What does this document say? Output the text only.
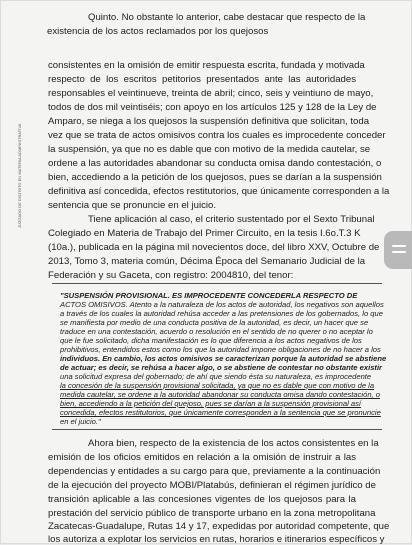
Quinto. No obstante lo anterior, cabe destacar que respecto de la
existencia de los actos reclamados por los quejosos
consistentes en la omisión de emitir respuesta escrita, fundada y motivada
respecto de los escritos petitorios presentados ante las autoridades
responsables el veintinueve, treinta de abril; cinco, seis y veintiuno de mayo,
todos de dos mil veintiséis; con apoyo en los artículos 125 y 128 de la Ley de
Amparo, se niega a los quejosos la suspensión definitiva que solicitan, toda
vez que se trata de actos omisivos contra los cuales es improcedente conceder
la suspensión, ya que no es dable que con motivo de la medida cautelar, se
ordene a las autoridades abandonar su conducta omisa dando contestación, o
bien, accediendo a la petición de los quejosos, pues se darían a la suspensión
definitiva así concedida, efectos restitutorios, que únicamente corresponden a la
sentencia que se pronuncie en el juicio.
Tiene aplicación al caso, el criterio sustentado por el Sexto Tribunal
Colegiado en Materia de Trabajo del Primer Circuito, en la tesis I.6o.T.3 K
(10a.), publicada en la página mil novecientos doce, del libro XXV, Octubre de
2013, Tomo 3, materia común, Décima Época del Semanario Judicial de la
Federación y su Gaceta, con registro: 2004810, del tenor:
"SUSPENSIÓN PROVISIONAL. ES IMPROCEDENTE CONCEDERLA RESPECTO DE
ACTOS OMISIVOS. Atento a la naturaleza de los actos de autoridad, los negativos son aquellos
a través de los cuales la autoridad rehúsa acceder a las pretensiones de los gobernados, lo que
se manifiesta por medio de una conducta positiva de la autoridad, es decir, un hacer que se
traduce en una contestación, acuerdo o resolución en el sentido de no querer o no aceptar lo
que le fue solicitado, dicha manifestación es lo que diferencia a los actos negativos de los
prohibitivos, entendidos estos como los que la autoridad impone obligaciones de no hacer a los
individuos. En cambio, los actos omisivos se caracterizan porque la autoridad se abstiene
de actuar; es decir, se rehúsa a hacer algo, o se abstiene de contestar no obstante existir
una solicitud expresa del gobernado; de ahí que siendo ésta su naturaleza, es improcedente
la concesión de la suspensión provisional solicitada, ya que no es dable que con motivo de la
medida cautelar, se ordene a la autoridad abandonar su conducta omisa dando contestación, o
bien, accediendo a la petición del quejoso, pues se darían a la suspensión provisional así
concedida, efectos restitutorios, que únicamente corresponden a la sentencia que se pronuncie
en el juicio."
Ahora bien, respecto de la existencia de los actos consistentes en la
emisión de los oficios emitidos en relación a la omisión de instruir a las
dependencias y entidades a su cargo para que, previamente a la continuación
de la ejecución del proyecto MOBI/Platabús, definieran el régimen jurídico de
transición aplicable a las concesiones vigentes de los quejosos para la
prestación del servicio público de transporte urbano en la zona metropolitana
Zacatecas-Guadalupe, Rutas 14 y 17, expedidas por autoridad competente, que
los autoriza a explotar los servicios en rutas, horarios e itinerarios específicos y
JUZGADO DE DISTRITO EN MATERIA ADMINISTRATIVA
